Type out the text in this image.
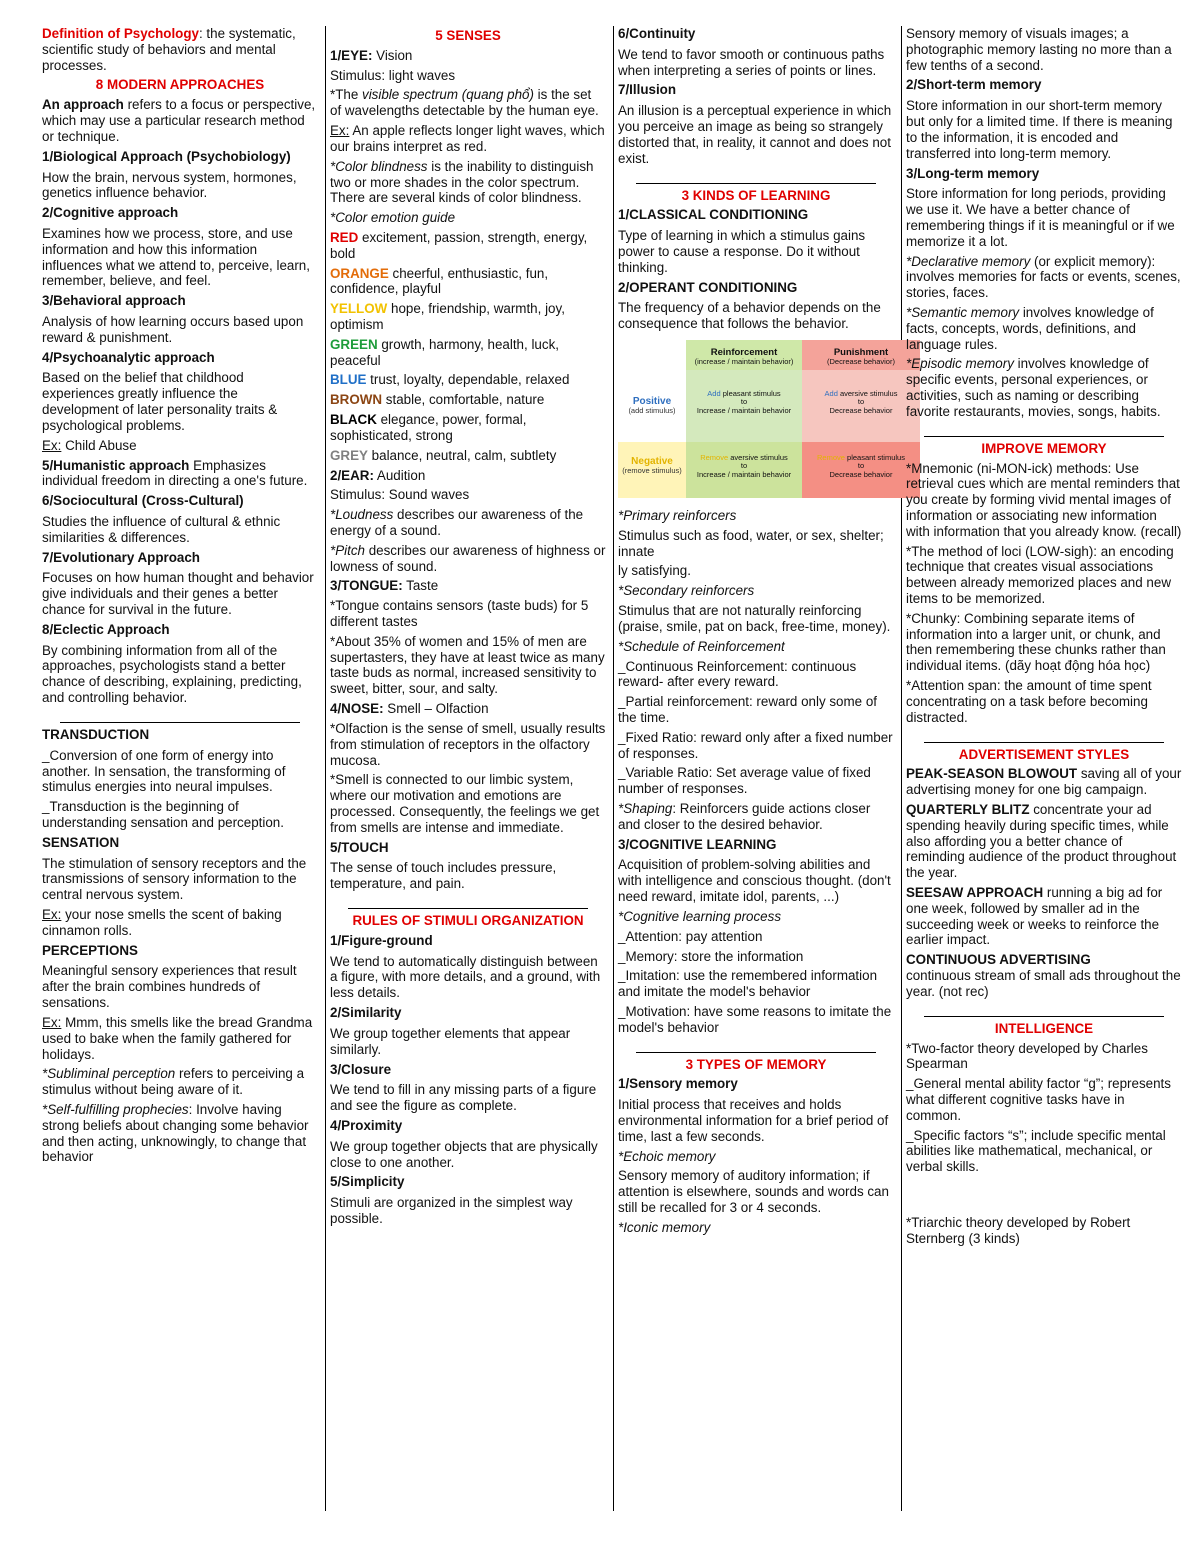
Definition of Psychology: the systematic, scientific study of behaviors and mental processes.

8 MODERN APPROACHES

An approach refers to a focus or perspective, which may use a particular research method or technique.

1/Biological Approach (Psychobiology)

How the brain, nervous system, hormones, genetics influence behavior.

2/Cognitive approach

Examines how we process, store, and use information and how this information influences what we attend to, perceive, learn, remember, believe, and feel.

3/Behavioral approach

Analysis of how learning occurs based upon reward & punishment.

4/Psychoanalytic approach

Based on the belief that childhood experiences greatly influence the development of later personality traits & psychological problems.

Ex: Child Abuse

5/Humanistic approach Emphasizes individual freedom in directing a one's future.

6/Sociocultural (Cross-Cultural)

Studies the influence of cultural & ethnic similarities & differences.

7/Evolutionary Approach

Focuses on how human thought and behavior give individuals and their genes a better chance for survival in the future.

8/Eclectic Approach

By combining information from all of the approaches, psychologists stand a better chance of describing, explaining, predicting, and controlling behavior.

TRANSDUCTION

_Conversion of one form of energy into another. In sensation, the transforming of stimulus energies into neural impulses.

_Transduction is the beginning of understanding sensation and perception.

SENSATION

The stimulation of sensory receptors and the transmissions of sensory information to the central nervous system.

Ex: your nose smells the scent of baking cinnamon rolls.

PERCEPTIONS

Meaningful sensory experiences that result after the brain combines hundreds of sensations.

Ex: Mmm, this smells like the bread Grandma used to bake when the family gathered for holidays.

*Subliminal perception refers to perceiving a stimulus without being aware of it.

*Self-fulfilling prophecies: Involve having strong beliefs about changing some behavior and then acting, unknowingly, to change that behavior

5 SENSES

1/EYE: Vision

Stimulus: light waves

*The visible spectrum (quang phổ) is the set of wavelengths detectable by the human eye.

Ex: An apple reflects longer light waves, which our brains interpret as red.

*Color blindness is the inability to distinguish two or more shades in the color spectrum. There are several kinds of color blindness.

*Color emotion guide

RED excitement, passion, strength, energy, bold

ORANGE cheerful, enthusiastic, fun, confidence, playful

YELLOW hope, friendship, warmth, joy, optimism

GREEN growth, harmony, health, luck, peaceful

BLUE trust, loyalty, dependable, relaxed

BROWN stable, comfortable, nature

BLACK elegance, power, formal, sophisticated, strong

GREY balance, neutral, calm, subtlety

2/EAR: Audition

Stimulus: Sound waves

*Loudness describes our awareness of the energy of a sound.

*Pitch describes our awareness of highness or lowness of sound.

3/TONGUE: Taste

*Tongue contains sensors (taste buds) for 5 different tastes

*About 35% of women and 15% of men are supertasters, they have at least twice as many taste buds as normal, increased sensitivity to sweet, bitter, sour, and salty.

4/NOSE: Smell – Olfaction

*Olfaction is the sense of smell, usually results from stimulation of receptors in the olfactory mucosa.

*Smell is connected to our limbic system, where our motivation and emotions are processed. Consequently, the feelings we get from smells are intense and immediate.

5/TOUCH

The sense of touch includes pressure, temperature, and pain.

RULES OF STIMULI ORGANIZATION
1/Figure-ground

We tend to automatically distinguish between a figure, with more details, and a ground, with less details.

2/Similarity

We group together elements that appear similarly.

3/Closure

We tend to fill in any missing parts of a figure and see the figure as complete.

4/Proximity

We group together objects that are physically close to one another.

5/Simplicity

Stimuli are organized in the simplest way possible.

6/Continuity

We tend to favor smooth or continuous paths when interpreting a series of points or lines.

7/Illusion

An illusion is a perceptual experience in which you perceive an image as being so strangely distorted that, in reality, it cannot and does not exist.

3 KINDS OF LEARNING
1/CLASSICAL CONDITIONING

Type of learning in which a stimulus gains power to cause a response. Do it without thinking.

2/OPERANT CONDITIONING

The frequency of a behavior depends on the consequence that follows the behavior.

Reinforcement
(increase / maintain behavior)
Punishment
(Decrease behavior)
Positive
(add stimulus)
Negative
(remove stimulus)
Add pleasant stimulus
to
Increase / maintain behavior
Add aversive stimulus
to
Decrease behavior
Remove aversive stimulus
to
Increase / maintain behavior
Remove pleasant stimulus
to
Decrease behavior

*Primary reinforcers

Stimulus such as food, water, or sex, shelter; innate

ly satisfying.

*Secondary reinforcers

Stimulus that are not naturally reinforcing (praise, smile, pat on back, free-time, money).

*Schedule of Reinforcement

_Continuous Reinforcement: continuous reward- after every reward.

_Partial reinforcement: reward only some of the time.

_Fixed Ratio: reward only after a fixed number of responses.

_Variable Ratio: Set average value of fixed number of responses.

*Shaping: Reinforcers guide actions closer and closer to the desired behavior.

3/COGNITIVE LEARNING

Acquisition of problem-solving abilities and with intelligence and conscious thought. (don't need reward, imitate idol, parents, ...)

*Cognitive learning process

_Attention: pay attention

_Memory: store the information

_Imitation: use the remembered information and imitate the model's behavior

_Motivation: have some reasons to imitate the model's behavior

3 TYPES OF MEMORY
1/Sensory memory

Initial process that receives and holds environmental information for a brief period of time, last a few seconds.

*Echoic memory

Sensory memory of auditory information; if attention is elsewhere, sounds and words can still be recalled for 3 or 4 seconds.

*Iconic memory

Sensory memory of visuals images; a photographic memory lasting no more than a few tenths of a second.

2/Short-term memory

Store information in our short-term memory but only for a limited time. If there is meaning to the information, it is encoded and transferred into long-term memory.

3/Long-term memory

Store information for long periods, providing we use it. We have a better chance of remembering things if it is meaningful or if we memorize it a lot.

*Declarative memory (or explicit memory): involves memories for facts or events, scenes, stories, faces.

*Semantic memory involves knowledge of facts, concepts, words, definitions, and language rules.

*Episodic memory involves knowledge of specific events, personal experiences, or activities, such as naming or describing favorite restaurants, movies, songs, habits.

IMPROVE MEMORY

*Mnemonic (ni-MON-ick) methods: Use retrieval cues which are mental reminders that you create by forming vivid mental images of information or associating new information with information that you already know. (recall)

*The method of loci (LOW-sigh): an encoding technique that creates visual associations between already memorized places and new items to be memorized.

*Chunky: Combining separate items of information into a larger unit, or chunk, and then remembering these chunks rather than individual items. (dãy hoạt động hóa học)

*Attention span: the amount of time spent concentrating on a task before becoming distracted.

ADVERTISEMENT STYLES

PEAK-SEASON BLOWOUT saving all of your advertising money for one big campaign.

QUARTERLY BLITZ concentrate your ad spending heavily during specific times, while also affording you a better chance of reminding audience of the product throughout the year.

SEESAW APPROACH running a big ad for one week, followed by smaller ad in the succeeding week or weeks to reinforce the earlier impact.

CONTINUOUS ADVERTISING

continuous stream of small ads throughout the year. (not rec)

INTELLIGENCE

*Two-factor theory developed by Charles Spearman

_General mental ability factor “g”; represents what different cognitive tasks have in common.

_Specific factors “s”; include specific mental abilities like mathematical, mechanical, or verbal skills.

*Triarchic theory developed by Robert Sternberg (3 kinds)
